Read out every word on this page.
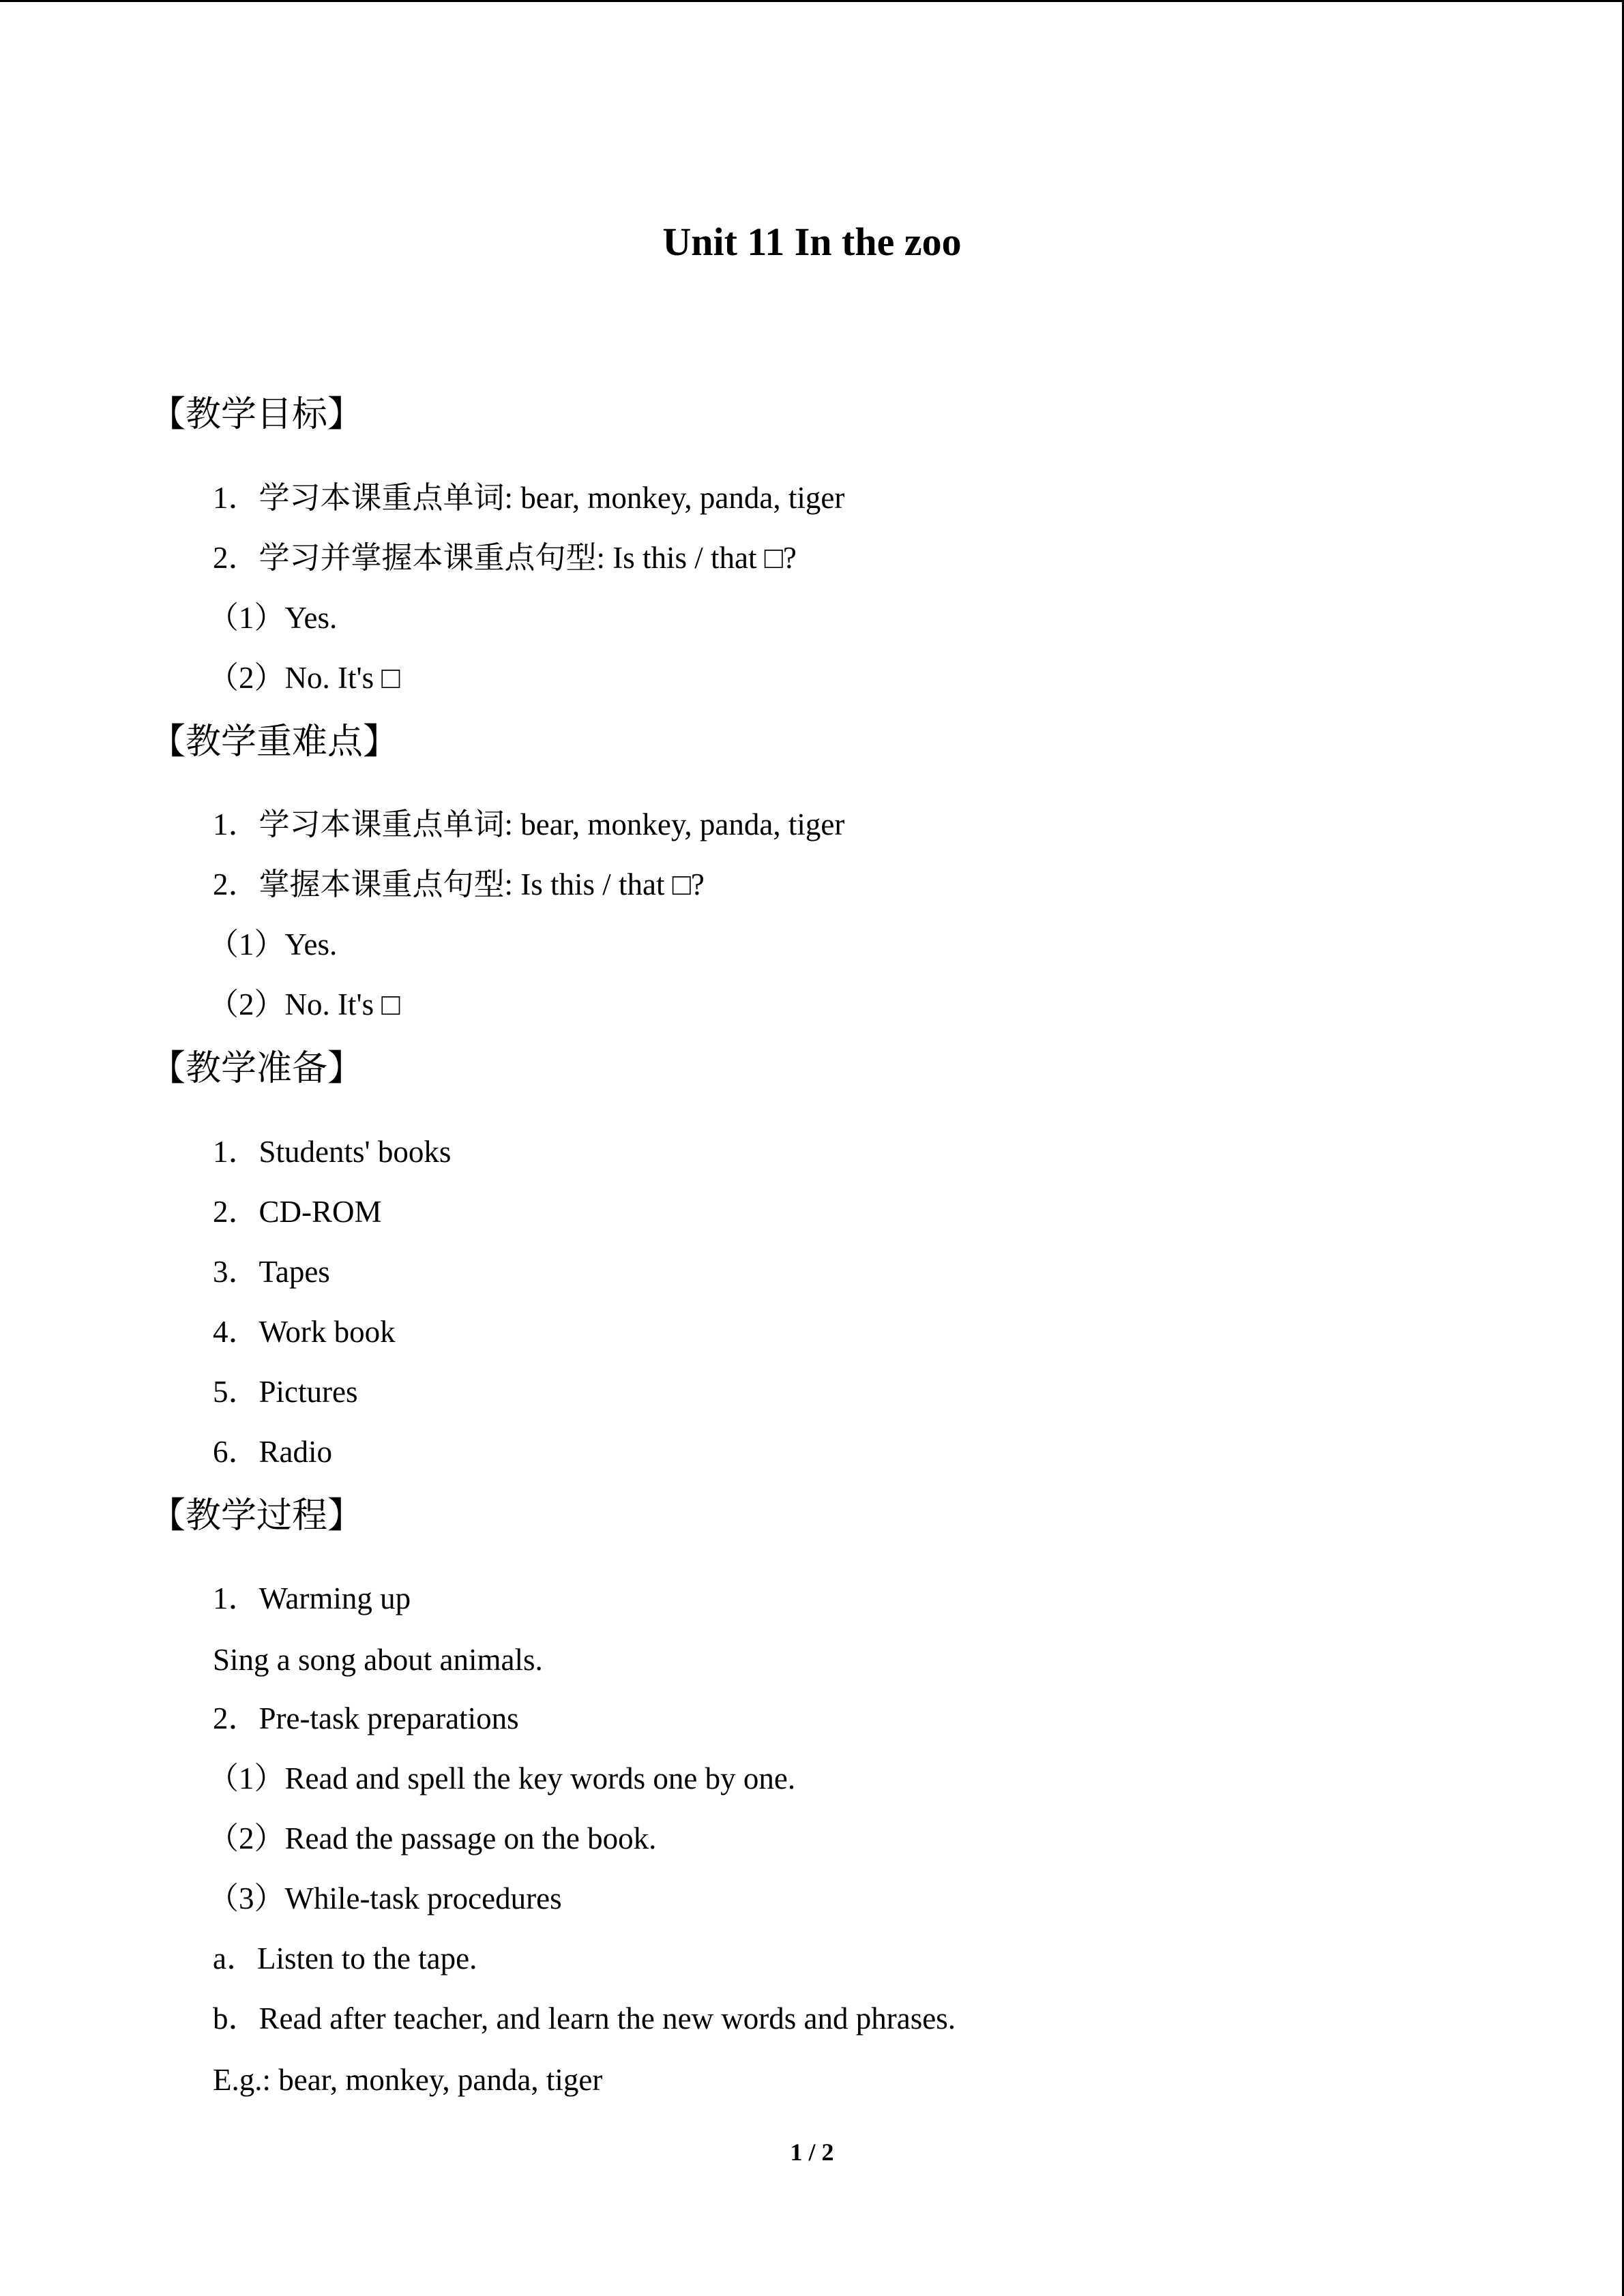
Unit 11 In the zoo
【教学目标】
1．学习本课重点单词: bear, monkey, panda, tiger
2．学习并掌握本课重点句型: Is this / that □?
（1）Yes.
（2）No. It's □
【教学重难点】
1．学习本课重点单词: bear, monkey, panda, tiger
2．掌握本课重点句型: Is this / that □?
（1）Yes.
（2）No. It's □
【教学准备】
1．Students' books
2．CD-ROM
3．Tapes
4．Work book
5．Pictures
6．Radio
【教学过程】
1．Warming up
Sing a song about animals.
2．Pre-task preparations
（1）Read and spell the key words one by one.
（2）Read the passage on the book.
（3）While-task procedures
a．Listen to the tape.
b．Read after teacher, and learn the new words and phrases.
E.g.: bear, monkey, panda, tiger
1 / 2
